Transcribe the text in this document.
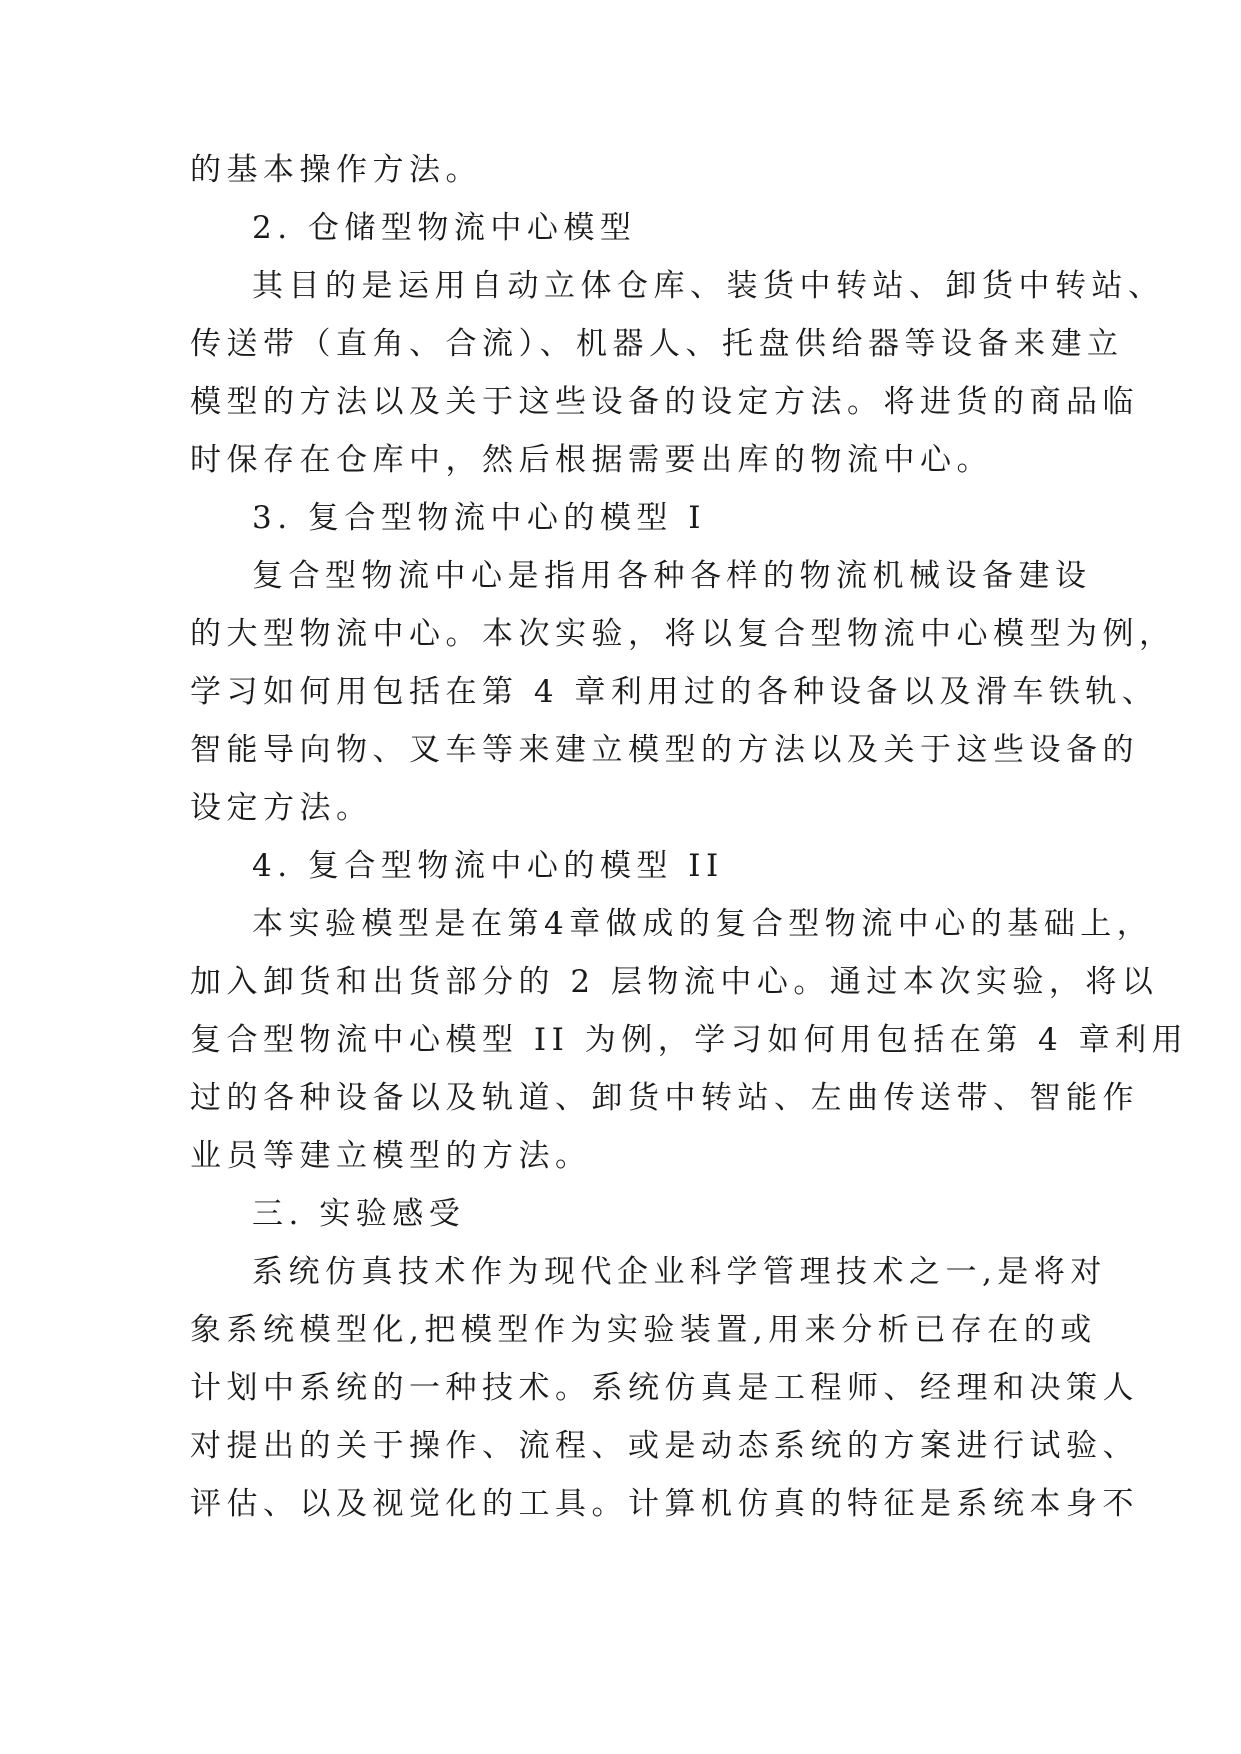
的基本操作方法。
2. 仓储型物流中心模型
其目的是运用自动立体仓库、装货中转站、卸货中转站、
传送带（直角、合流）、机器人、托盘供给器等设备来建立
模型的方法以及关于这些设备的设定方法。将进货的商品临
时保存在仓库中，然后根据需要出库的物流中心。
3. 复合型物流中心的模型 I
复合型物流中心是指用各种各样的物流机械设备建设
的大型物流中心。本次实验，将以复合型物流中心模型为例，
学习如何用包括在第 4 章利用过的各种设备以及滑车铁轨、
智能导向物、叉车等来建立模型的方法以及关于这些设备的
设定方法。
4. 复合型物流中心的模型 II
本实验模型是在第4章做成的复合型物流中心的基础上，
加入卸货和出货部分的 2 层物流中心。通过本次实验，将以
复合型物流中心模型 II 为例，学习如何用包括在第 4 章利用
过的各种设备以及轨道、卸货中转站、左曲传送带、智能作
业员等建立模型的方法。
三. 实验感受
系统仿真技术作为现代企业科学管理技术之一,是将对
象系统模型化,把模型作为实验装置,用来分析已存在的或
计划中系统的一种技术。系统仿真是工程师、经理和决策人
对提出的关于操作、流程、或是动态系统的方案进行试验、
评估、以及视觉化的工具。计算机仿真的特征是系统本身不
